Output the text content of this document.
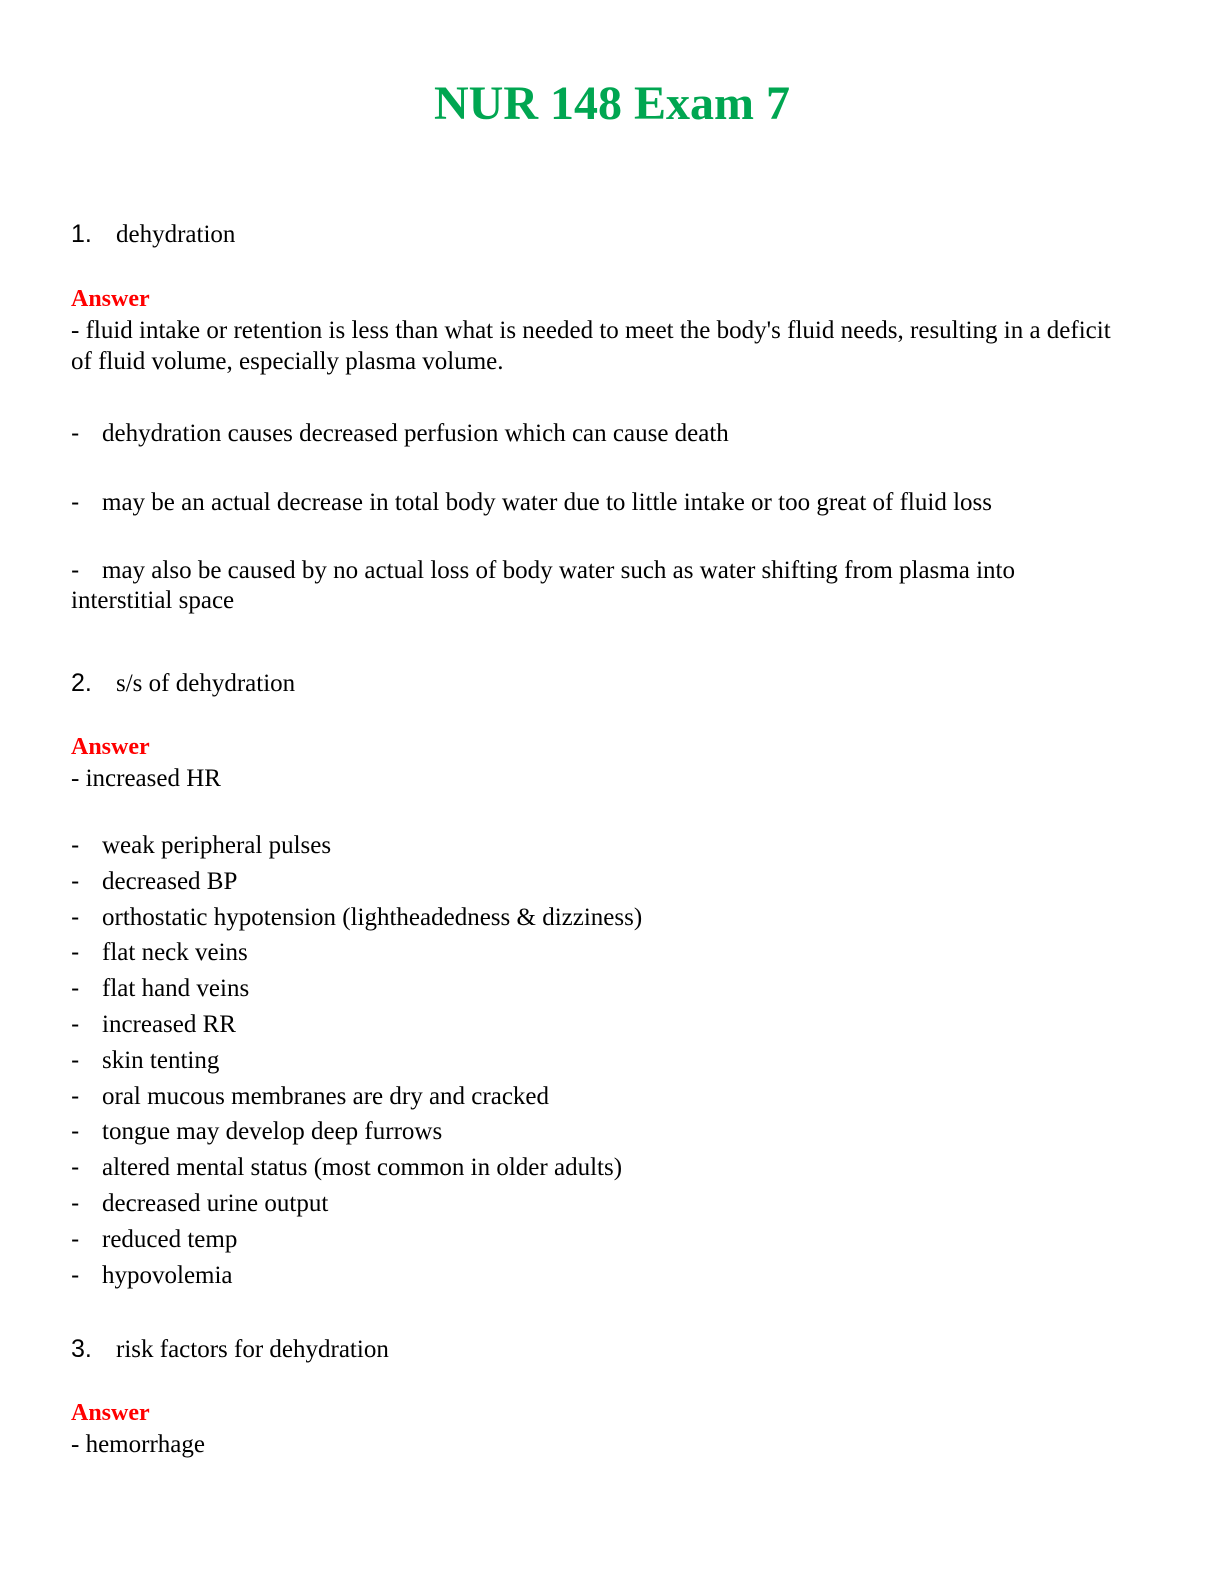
NUR 148 Exam 7
1. dehydration
Answer
- fluid intake or retention is less than what is needed to meet the body's fluid needs, resulting in a deficit of fluid volume, especially plasma volume.
- dehydration causes decreased perfusion which can cause death
- may be an actual decrease in total body water due to little intake or too great of fluid loss
- may also be caused by no actual loss of body water such as water shifting from plasma into
interstitial space
2. s/s of dehydration
Answer
- increased HR
- weak peripheral pulses
- decreased BP
- orthostatic hypotension (lightheadedness & dizziness)
- flat neck veins
- flat hand veins
- increased RR
- skin tenting
- oral mucous membranes are dry and cracked
- tongue may develop deep furrows
- altered mental status (most common in older adults)
- decreased urine output
- reduced temp
- hypovolemia
3. risk factors for dehydration
Answer
- hemorrhage
